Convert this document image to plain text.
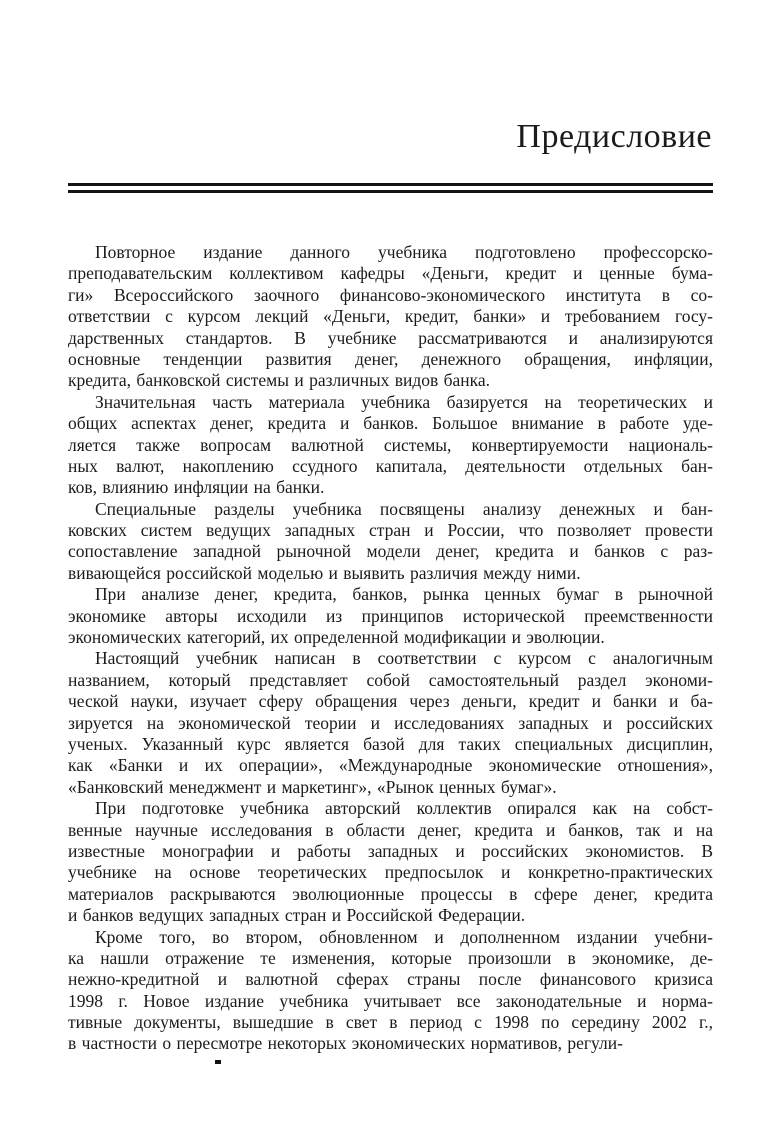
Предисловие

Повторное издание данного учебника подготовлено профессорско-
преподавательским коллективом кафедры «Деньги, кредит и ценные бума-
ги» Всероссийского заочного финансово-экономического института в со-
ответствии с курсом лекций «Деньги, кредит, банки» и требованием госу-
дарственных стандартов. В учебнике рассматриваются и анализируются
основные тенденции развития денег, денежного обращения, инфляции,
кредита, банковской системы и различных видов банка.

Значительная часть материала учебника базируется на теоретических и
общих аспектах денег, кредита и банков. Большое внимание в работе уде-
ляется также вопросам валютной системы, конвертируемости националь-
ных валют, накоплению ссудного капитала, деятельности отдельных бан-
ков, влиянию инфляции на банки.

Специальные разделы учебника посвящены анализу денежных и бан-
ковских систем ведущих западных стран и России, что позволяет провести
сопоставление западной рыночной модели денег, кредита и банков с раз-
вивающейся российской моделью и выявить различия между ними.

При анализе денег, кредита, банков, рынка ценных бумаг в рыночной
экономике авторы исходили из принципов исторической преемственности
экономических категорий, их определенной модификации и эволюции.

Настоящий учебник написан в соответствии с курсом с аналогичным
названием, который представляет собой самостоятельный раздел экономи-
ческой науки, изучает сферу обращения через деньги, кредит и банки и ба-
зируется на экономической теории и исследованиях западных и российских
ученых. Указанный курс является базой для таких специальных дисциплин,
как «Банки и их операции», «Международные экономические отношения»,
«Банковский менеджмент и маркетинг», «Рынок ценных бумаг».

При подготовке учебника авторский коллектив опирался как на собст-
венные научные исследования в области денег, кредита и банков, так и на
известные монографии и работы западных и российских экономистов. В
учебнике на основе теоретических предпосылок и конкретно-практических
материалов раскрываются эволюционные процессы в сфере денег, кредита
и банков ведущих западных стран и Российской Федерации.

Кроме того, во втором, обновленном и дополненном издании учебни-
ка нашли отражение те изменения, которые произошли в экономике, де-
нежно-кредитной и валютной сферах страны после финансового кризиса
1998 г. Новое издание учебника учитывает все законодательные и норма-
тивные документы, вышедшие в свет в период с 1998 по середину 2002 г.,
в частности о пересмотре некоторых экономических нормативов, регули-
